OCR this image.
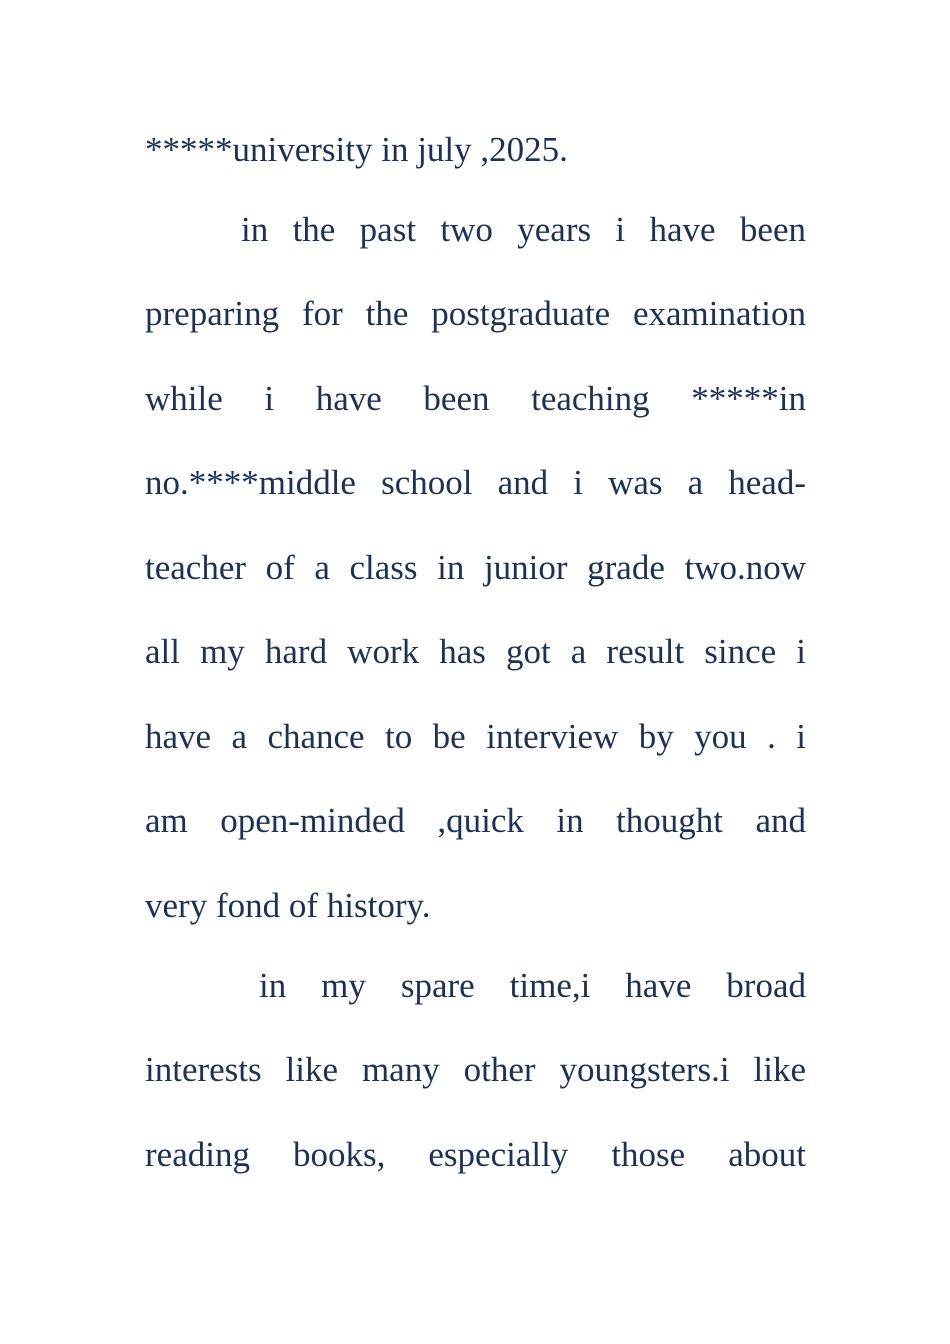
*****university in july ,2025.
in the past two years i have been
preparing for the postgraduate examination
while i have been teaching *****in
no.****middle school and i was a head-
teacher of a class in junior grade two.now
all my hard work has got a result since i
have a chance to be interview by you . i
am open-minded ,quick in thought and
very fond of history.
in my spare time,i have broad
interests like many other youngsters.i like
reading books, especially those about
